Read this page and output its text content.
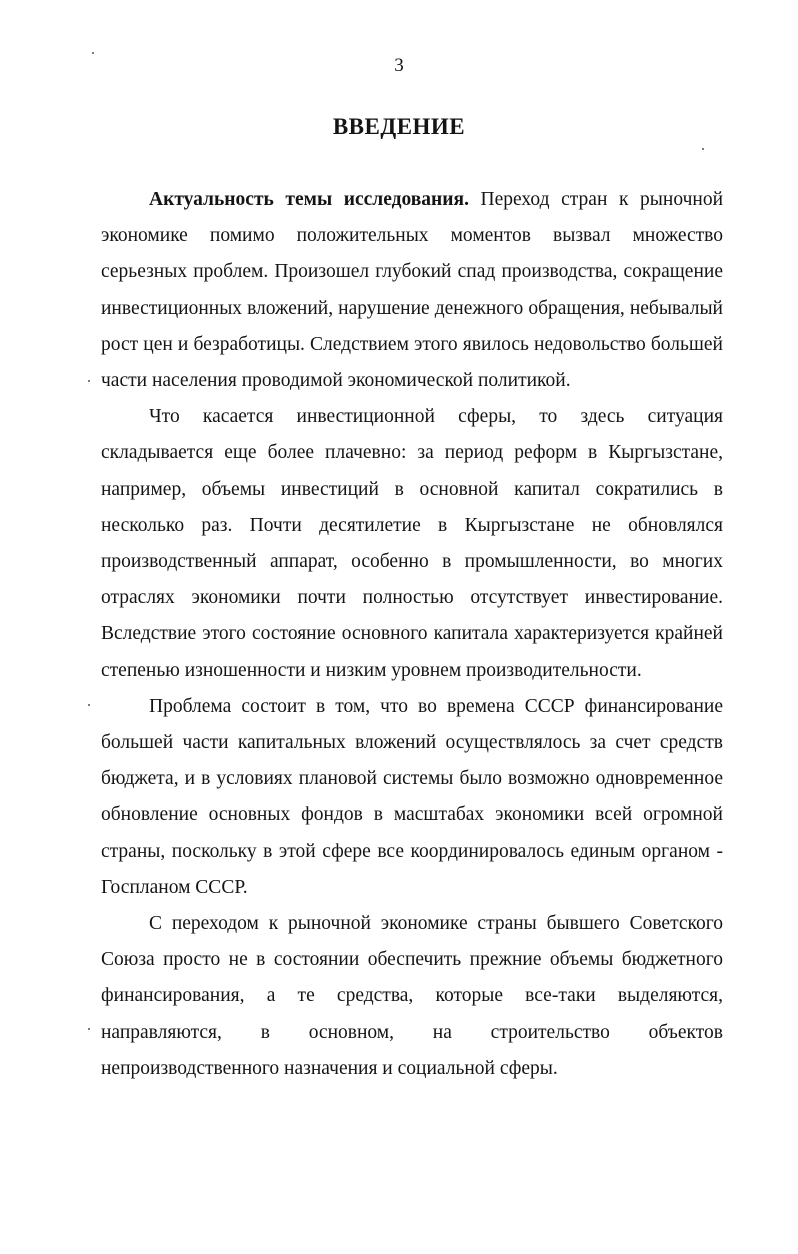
3
ВВЕДЕНИЕ

Актуальность темы исследования. Переход стран к рыночной экономике помимо положительных моментов вызвал множество серьезных проблем. Произошел глубокий спад производства, сокращение инвестиционных вложений, нарушение денежного обращения, небывалый рост цен и безработицы. Следствием этого явилось недовольство большей части населения проводимой экономической политикой.

Что касается инвестиционной сферы, то здесь ситуация складывается еще более плачевно: за период реформ в Кыргызстане, например, объемы инвестиций в основной капитал сократились в несколько раз. Почти десятилетие в Кыргызстане не обновлялся производственный аппарат, особенно в промышленности, во многих отраслях экономики почти полностью отсутствует инвестирование. Вследствие этого состояние основного капитала характеризуется крайней степенью изношенности и низким уровнем производительности.

Проблема состоит в том, что во времена СССР финансирование большей части капитальных вложений осуществлялось за счет средств бюджета, и в условиях плановой системы было возможно одновременное обновление основных фондов в масштабах экономики всей огромной страны, поскольку в этой сфере все координировалось единым органом - Госпланом СССР.

С переходом к рыночной экономике страны бывшего Советского Союза просто не в состоянии обеспечить прежние объемы бюджетного финансирования, а те средства, которые все-таки выделяются, направляются, в основном, на строительство объектов непроизводственного назначения и социальной сферы.
